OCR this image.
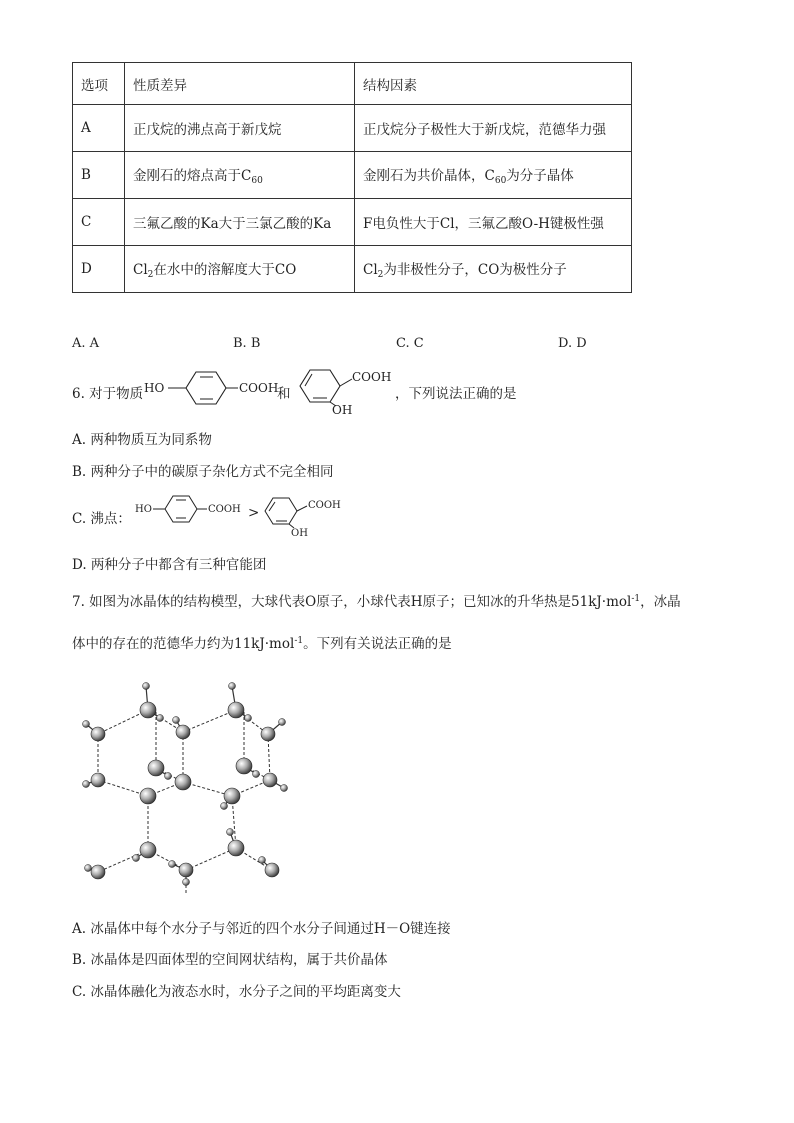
选项	性质差异	结构因素
A	正戊烷的沸点高于新戊烷	正戊烷分子极性大于新戊烷，范德华力强
B	金刚石的熔点高于$C_{60}$	金刚石为共价晶体，$C_{60}$为分子晶体
C	三氟乙酸的Ka大于三氯乙酸的Ka	F电负性大于Cl，三氟乙酸O-H键极性强
D	$Cl_2$在水中的溶解度大于CO	$Cl_2$为非极性分子，CO为极性分子
A. A	B. B	C. C	D. D
6. 对于物质 HO	COOH
和
COOH
OH
，下列说法正确的是
A. 两种物质互为同系物
B. 两种分子中的碳原子杂化方式不完全相同
C. 沸点：
HO	COOH >	COOH
OH
D. 两种分子中都含有三种官能团
7. 如图为冰晶体的结构模型，大球代表O原子，小球代表H原子；已知冰的升华热是51kJ·mol$^{-1}$，冰晶
体中的存在的范德华力约为11kJ·mol$^{-1}$。下列有关说法正确的是
A. 冰晶体中每个水分子与邻近的四个水分子间通过H－O键连接
B. 冰晶体是四面体型的空间网状结构，属于共价晶体
C. 冰晶体融化为液态水时，水分子之间的平均距离变大
